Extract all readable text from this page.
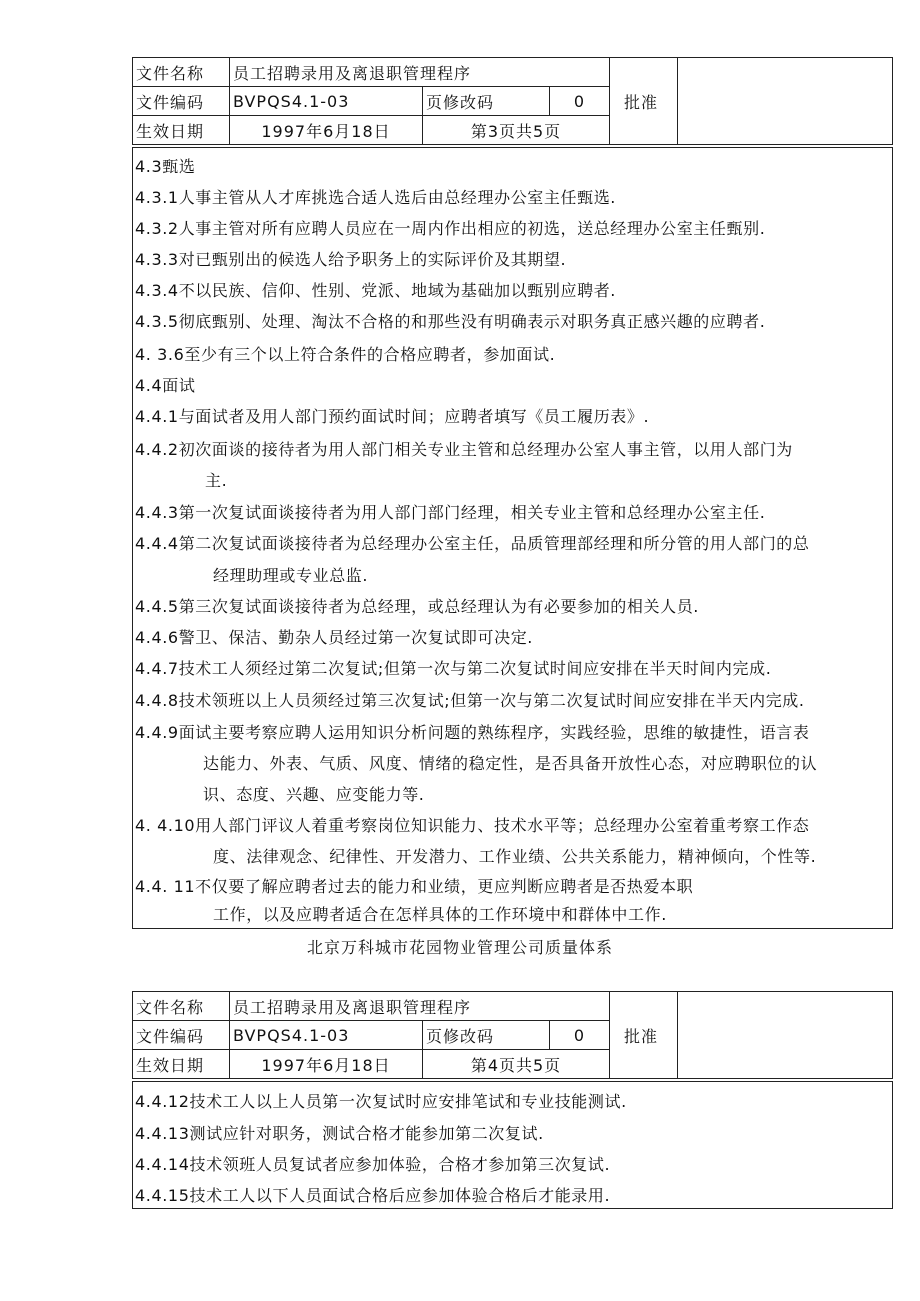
文件名称	员工招聘录用及离退职管理程序			批准	
文件编码	BVPQS4.1-03	页修改码	0		
生效日期	1997年6月18日	第3页共5页			
4.3甄选
4.3.1人事主管从人才库挑选合适人选后由总经理办公室主任甄选.
4.3.2人事主管对所有应聘人员应在一周内作出相应的初选，送总经理办公室主任甄别.
4.3.3对已甄别出的候选人给予职务上的实际评价及其期望.
4.3.4不以民族、信仰、性别、党派、地域为基础加以甄别应聘者.
4.3.5彻底甄别、处理、淘汰不合格的和那些没有明确表示对职务真正感兴趣的应聘者.
4. 3.6至少有三个以上符合条件的合格应聘者，参加面试.
4.4面试
4.4.1与面试者及用人部门预约面试时间；应聘者填写《员工履历表》.
4.4.2初次面谈的接待者为用人部门相关专业主管和总经理办公室人事主管，以用人部门为
主.
4.4.3第一次复试面谈接待者为用人部门部门经理，相关专业主管和总经理办公室主任.
4.4.4第二次复试面谈接待者为总经理办公室主任，品质管理部经理和所分管的用人部门的总
经理助理或专业总监.
4.4.5第三次复试面谈接待者为总经理，或总经理认为有必要参加的相关人员.
4.4.6警卫、保洁、勤杂人员经过第一次复试即可决定.
4.4.7技术工人须经过第二次复试;但第一次与第二次复试时间应安排在半天时间内完成.
4.4.8技术领班以上人员须经过第三次复试;但第一次与第二次复试时间应安排在半天内完成.
4.4.9面试主要考察应聘人运用知识分析问题的熟练程序，实践经验，思维的敏捷性，语言表
达能力、外表、气质、风度、情绪的稳定性，是否具备开放性心态，对应聘职位的认
识、态度、兴趣、应变能力等.
4. 4.10用人部门评议人着重考察岗位知识能力、技术水平等；总经理办公室着重考察工作态
度、法律观念、纪律性、开发潜力、工作业绩、公共关系能力，精神倾向，个性等.
4.4. 11不仅要了解应聘者过去的能力和业绩，更应判断应聘者是否热爱本职
工作，以及应聘者适合在怎样具体的工作环境中和群体中工作.
北京万科城市花园物业管理公司质量体系
文件名称	员工招聘录用及离退职管理程序			批准	
文件编码	BVPQS4.1-03	页修改码	0		
生效日期	1997年6月18日	第4页共5页			
4.4.12技术工人以上人员第一次复试时应安排笔试和专业技能测试.
4.4.13测试应针对职务，测试合格才能参加第二次复试.
4.4.14技术领班人员复试者应参加体验，合格才参加第三次复试.
4.4.15技术工人以下人员面试合格后应参加体验合格后才能录用.
